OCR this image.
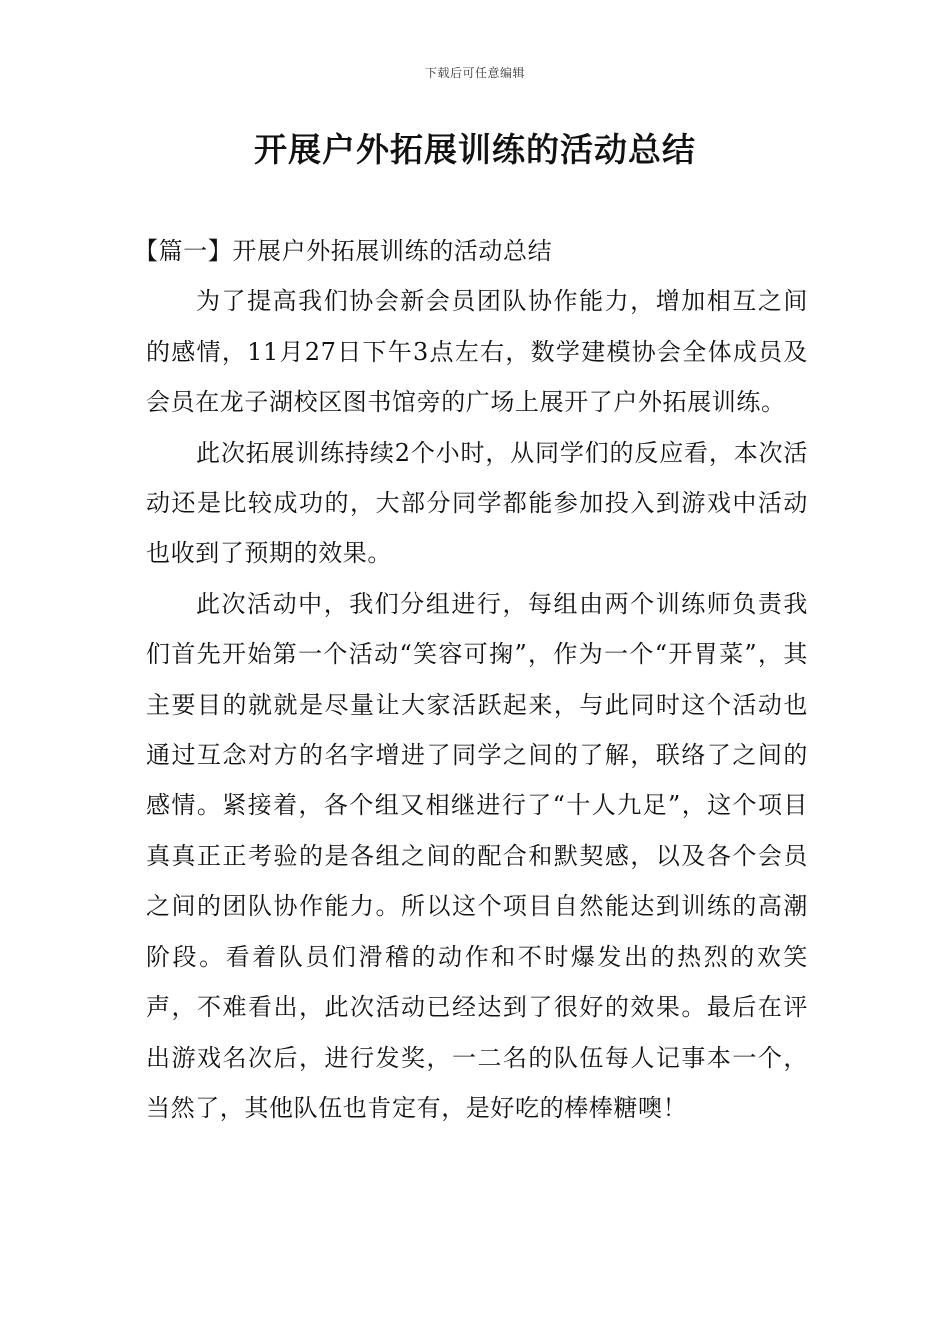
下载后可任意编辑
开展户外拓展训练的活动总结
【篇一】开展户外拓展训练的活动总结

为了提高我们协会新会员团队协作能力，增加相互之间的感情，11月27日下午3点左右，数学建模协会全体成员及会员在龙子湖校区图书馆旁的广场上展开了户外拓展训练。

此次拓展训练持续2个小时，从同学们的反应看，本次活动还是比较成功的，大部分同学都能参加投入到游戏中活动也收到了预期的效果。

此次活动中，我们分组进行，每组由两个训练师负责我们首先开始第一个活动“笑容可掬”，作为一个“开胃菜”，其主要目的就就是尽量让大家活跃起来，与此同时这个活动也通过互念对方的名字增进了同学之间的了解，联络了之间的感情。紧接着，各个组又相继进行了“十人九足”，这个项目真真正正考验的是各组之间的配合和默契感，以及各个会员之间的团队协作能力。所以这个项目自然能达到训练的高潮阶段。看着队员们滑稽的动作和不时爆发出的热烈的欢笑声，不难看出，此次活动已经达到了很好的效果。最后在评出游戏名次后，进行发奖，一二名的队伍每人记事本一个，当然了，其他队伍也肯定有，是好吃的棒棒糖噢！
